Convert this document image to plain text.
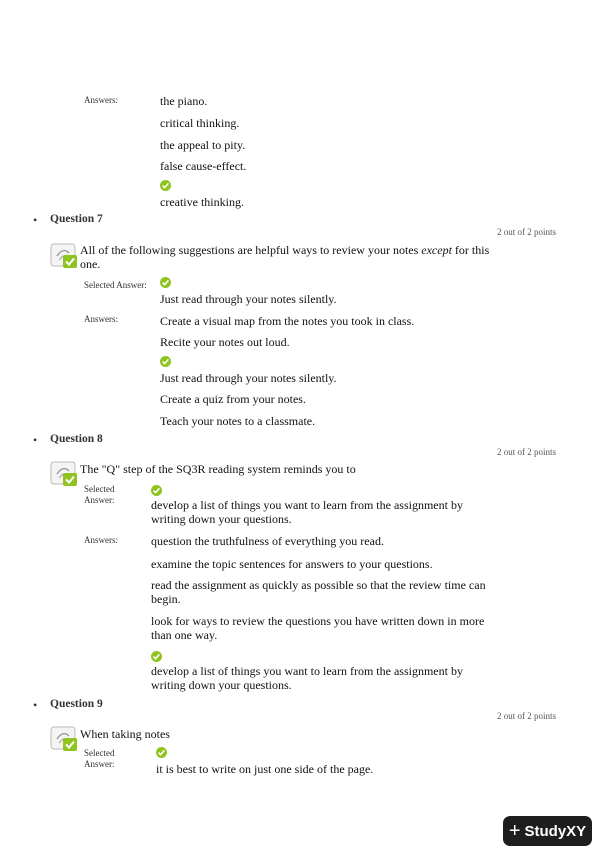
Answers:	the piano.
critical thinking.
the appeal to pity.
false cause-effect.
creative thinking.
• Question 7
2 out of 2 points
All of the following suggestions are helpful ways to review your notes except for this
one.
Selected Answer:
Just read through your notes silently.
Answers:	Create a visual map from the notes you took in class.
Recite your notes out loud.
Just read through your notes silently.
Create a quiz from your notes.
Teach your notes to a classmate.
• Question 8
2 out of 2 points
The "Q" step of the SQ3R reading system reminds you to
Selected
Answer:	develop a list of things you want to learn from the assignment by
writing down your questions.
Answers:	question the truthfulness of everything you read.
examine the topic sentences for answers to your questions.
read the assignment as quickly as possible so that the review time can
begin.
look for ways to review the questions you have written down in more
than one way.
develop a list of things you want to learn from the assignment by
writing down your questions.
• Question 9
2 out of 2 points
When taking notes
Selected
Answer:	it is best to write on just one side of the page.
+ StudyXY
